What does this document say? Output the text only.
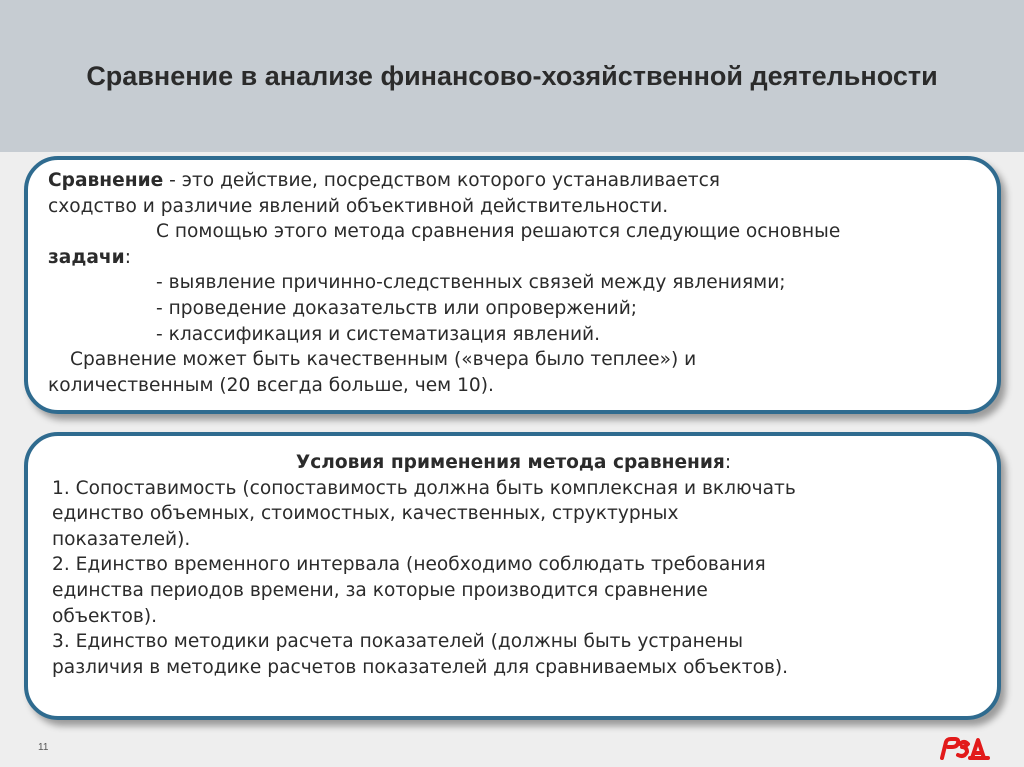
Сравнение в анализе финансово-хозяйственной деятельности
Сравнение - это действие, посредством которого устанавливается
сходство и различие явлений объективной действительности.
С помощью этого метода сравнения решаются следующие основные
задачи:
- выявление причинно-следственных связей между явлениями;
- проведение доказательств или опровержений;
- классификация и систематизация явлений.
Сравнение может быть качественным («вчера было теплее») и
количественным (20 всегда больше, чем 10).
Условия применения метода сравнения:
1. Сопоставимость (сопоставимость должна быть комплексная и включать
единство объемных, стоимостных, качественных, структурных
показателей).
2. Единство временного интервала (необходимо соблюдать требования
единства периодов времени, за которые производится сравнение
объектов).
3. Единство методики расчета показателей (должны быть устранены
различия в методике расчетов показателей для сравниваемых объектов).
11
